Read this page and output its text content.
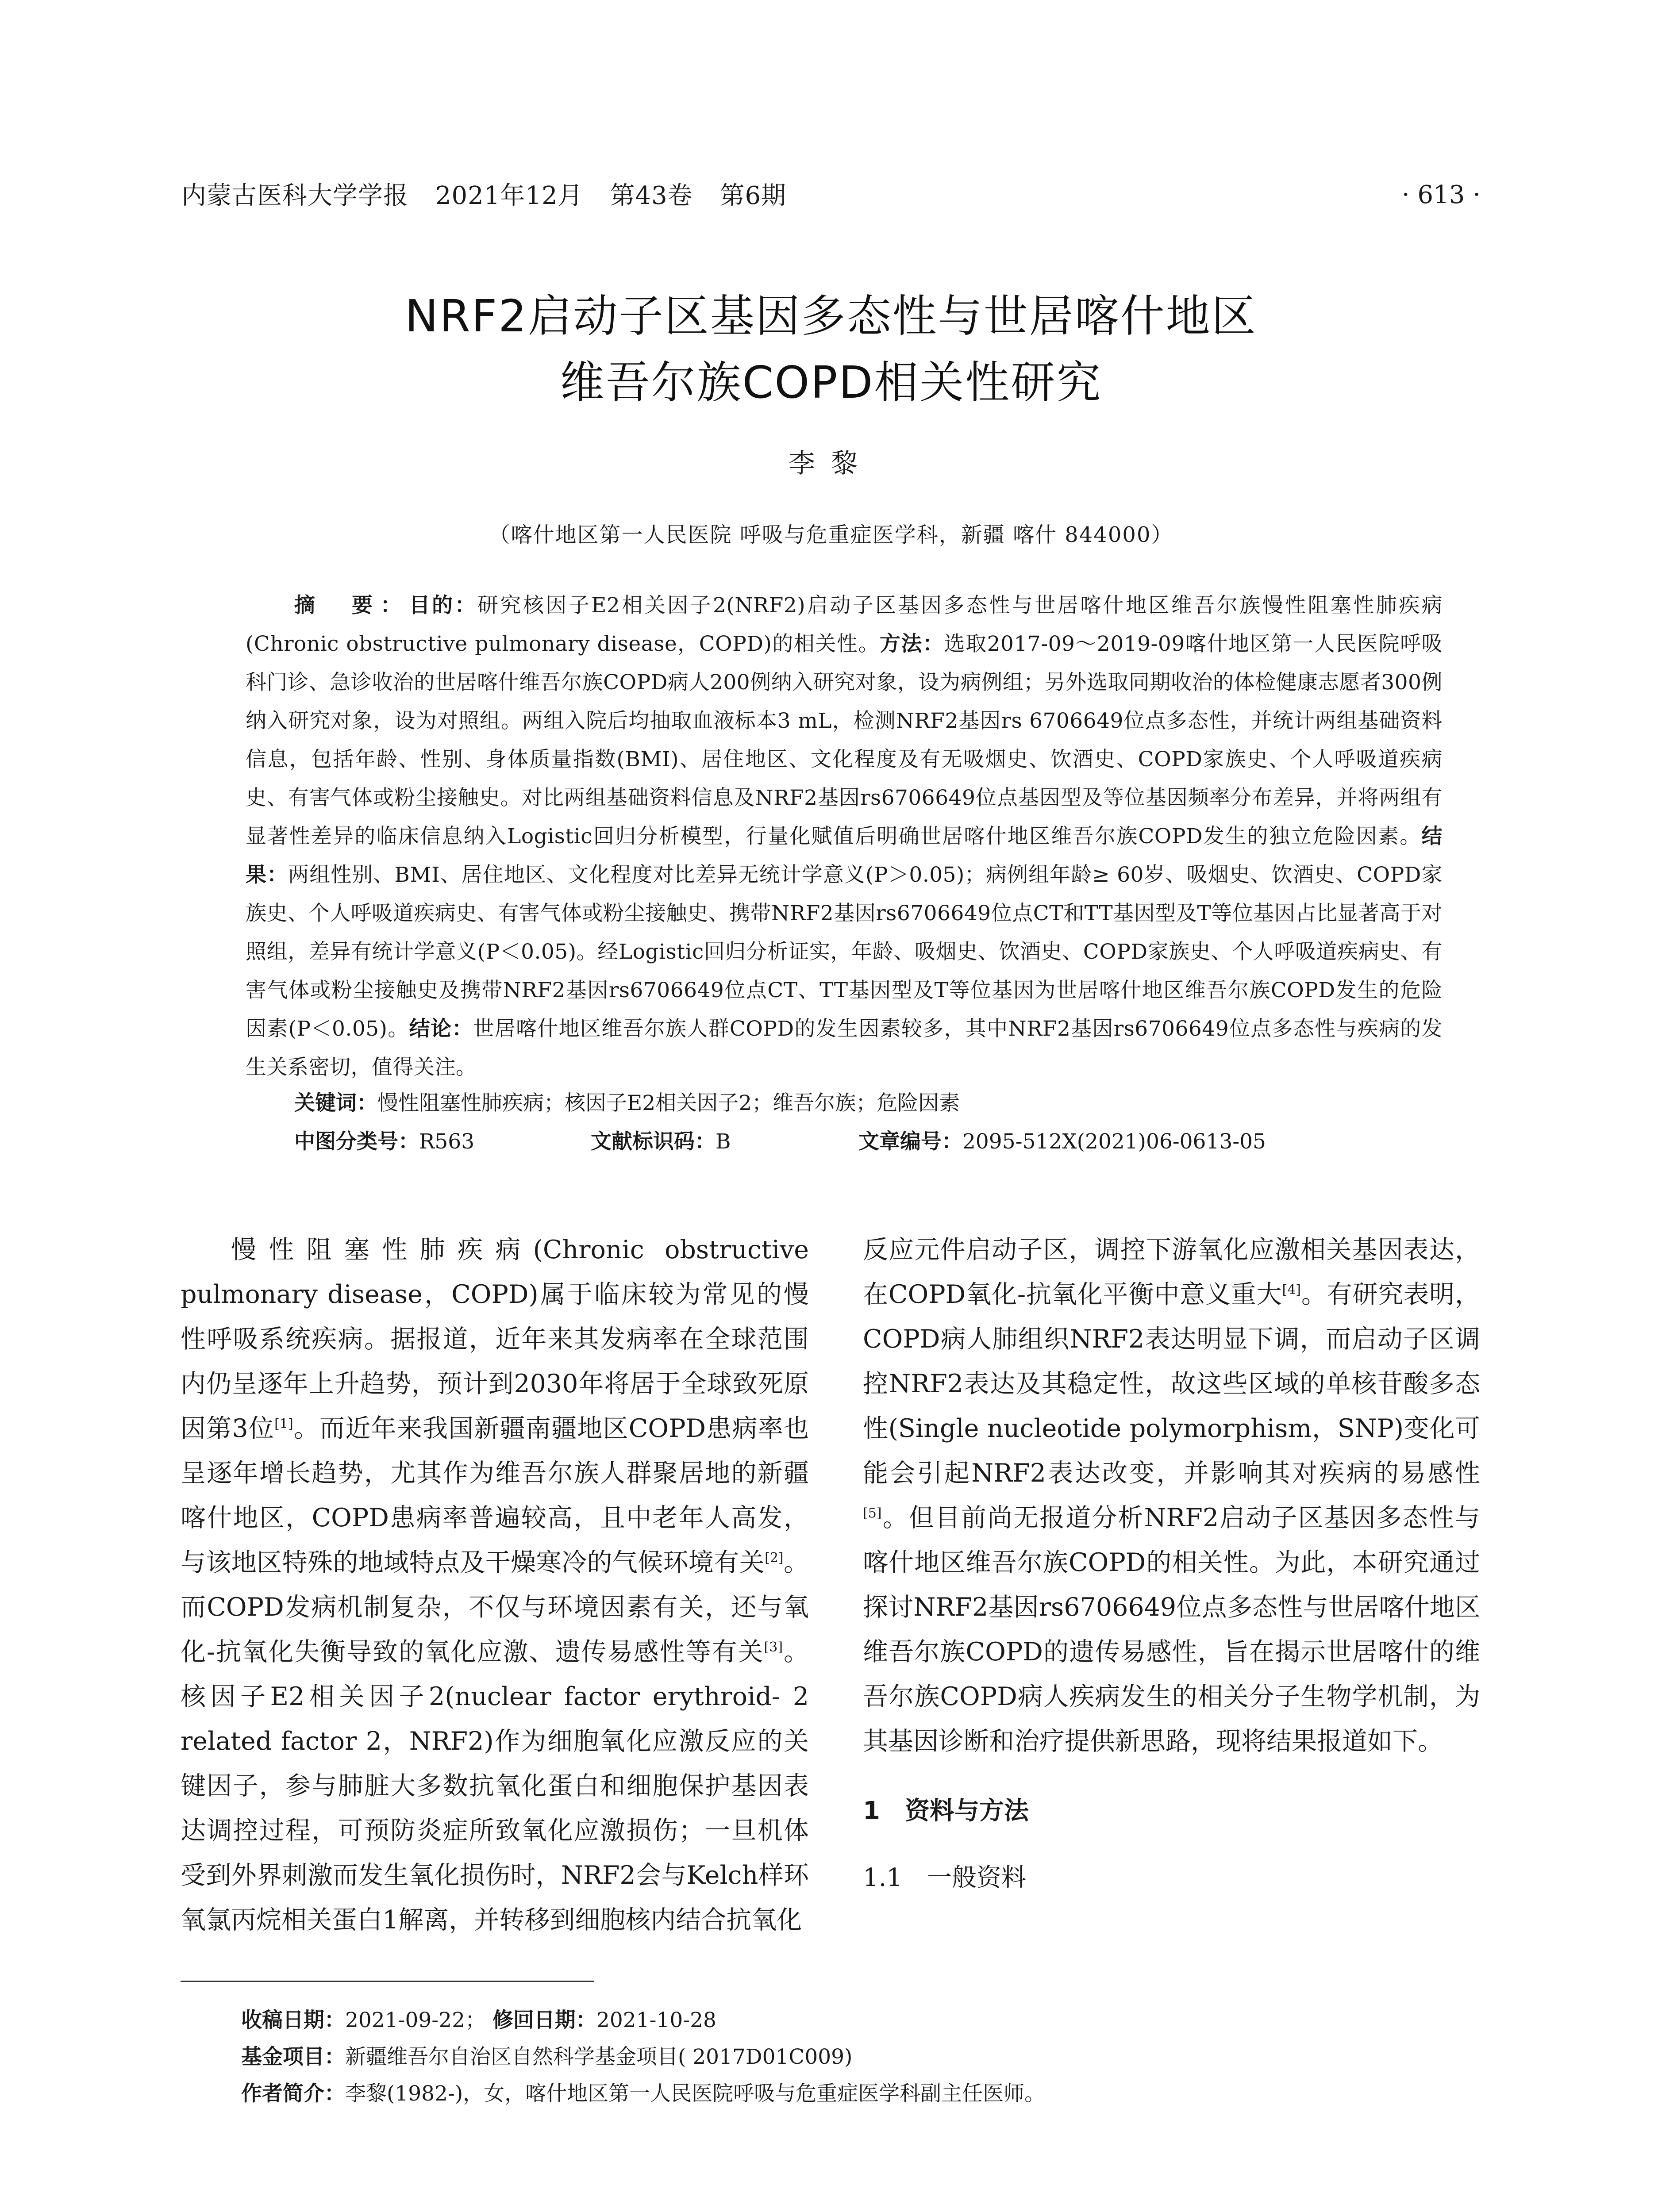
内蒙古医科大学学报 2021年12月 第43卷 第6期	· 613 ·
NRF2启动子区基因多态性与世居喀什地区
维吾尔族COPD相关性研究
李黎
（喀什地区第一人民医院 呼吸与危重症医学科，新疆 喀什 844000）
摘　要：目的：研究核因子E2相关因子2(NRF2)启动子区基因多态性与世居喀什地区维吾尔族慢性阻塞性肺疾病(Chronic obstructive pulmonary disease，COPD)的相关性。方法：选取2017-09～2019-09喀什地区第一人民医院呼吸科门诊、急诊收治的世居喀什维吾尔族COPD病人200例纳入研究对象，设为病例组；另外选取同期收治的体检健康志愿者300例纳入研究对象，设为对照组。两组入院后均抽取血液标本3 mL，检测NRF2基因rs 6706649位点多态性，并统计两组基础资料信息，包括年龄、性别、身体质量指数(BMI)、居住地区、文化程度及有无吸烟史、饮酒史、COPD家族史、个人呼吸道疾病史、有害气体或粉尘接触史。对比两组基础资料信息及NRF2基因rs6706649位点基因型及等位基因频率分布差异，并将两组有显著性差异的临床信息纳入Logistic回归分析模型，行量化赋值后明确世居喀什地区维吾尔族COPD发生的独立危险因素。结果：两组性别、BMI、居住地区、文化程度对比差异无统计学意义(P＞0.05)；病例组年龄≥ 60岁、吸烟史、饮酒史、COPD家族史、个人呼吸道疾病史、有害气体或粉尘接触史、携带NRF2基因rs6706649位点CT和TT基因型及T等位基因占比显著高于对照组，差异有统计学意义(P＜0.05)。经Logistic回归分析证实，年龄、吸烟史、饮酒史、COPD家族史、个人呼吸道疾病史、有害气体或粉尘接触史及携带NRF2基因rs6706649位点CT、TT基因型及T等位基因为世居喀什地区维吾尔族COPD发生的危险因素(P＜0.05)。结论：世居喀什地区维吾尔族人群COPD的发生因素较多，其中NRF2基因rs6706649位点多态性与疾病的发生关系密切，值得关注。
关键词：慢性阻塞性肺疾病；核因子E2相关因子2；维吾尔族；危险因素
中图分类号：R563	文献标识码：B	文章编号：2095-512X(2021)06-0613-05

慢性阻塞性肺疾病(Chronic obstructive pulmonary disease，COPD)属于临床较为常见的慢性呼吸系统疾病。据报道，近年来其发病率在全球范围内仍呈逐年上升趋势，预计到2030年将居于全球致死原因第3位[1]。而近年来我国新疆南疆地区COPD患病率也呈逐年增长趋势，尤其作为维吾尔族人群聚居地的新疆喀什地区，COPD患病率普遍较高，且中老年人高发，与该地区特殊的地域特点及干燥寒冷的气候环境有关[2]。而COPD发病机制复杂，不仅与环境因素有关，还与氧化-抗氧化失衡导致的氧化应激、遗传易感性等有关[3]。核因子E2相关因子2(nuclear factor erythroid- 2 related factor 2，NRF2)作为细胞氧化应激反应的关键因子，参与肺脏大多数抗氧化蛋白和细胞保护基因表达调控过程，可预防炎症所致氧化应激损伤；一旦机体受到外界刺激而发生氧化损伤时，NRF2会与Kelch样环氧氯丙烷相关蛋白1解离，并转移到细胞核内结合抗氧化

反应元件启动子区，调控下游氧化应激相关基因表达，在COPD氧化-抗氧化平衡中意义重大[4]。有研究表明，COPD病人肺组织NRF2表达明显下调，而启动子区调控NRF2表达及其稳定性，故这些区域的单核苷酸多态性(Single nucleotide polymorphism，SNP)变化可能会引起NRF2表达改变，并影响其对疾病的易感性[5]。但目前尚无报道分析NRF2启动子区基因多态性与喀什地区维吾尔族COPD的相关性。为此，本研究通过探讨NRF2基因rs6706649位点多态性与世居喀什地区维吾尔族COPD的遗传易感性，旨在揭示世居喀什的维吾尔族COPD病人疾病发生的相关分子生物学机制，为其基因诊断和治疗提供新思路，现将结果报道如下。

1　资料与方法

1.1　一般资料

收稿日期：2021-09-22； 修回日期：2021-10-28
基金项目：新疆维吾尔自治区自然科学基金项目( 2017D01C009)
作者简介：李黎(1982-)，女，喀什地区第一人民医院呼吸与危重症医学科副主任医师。
